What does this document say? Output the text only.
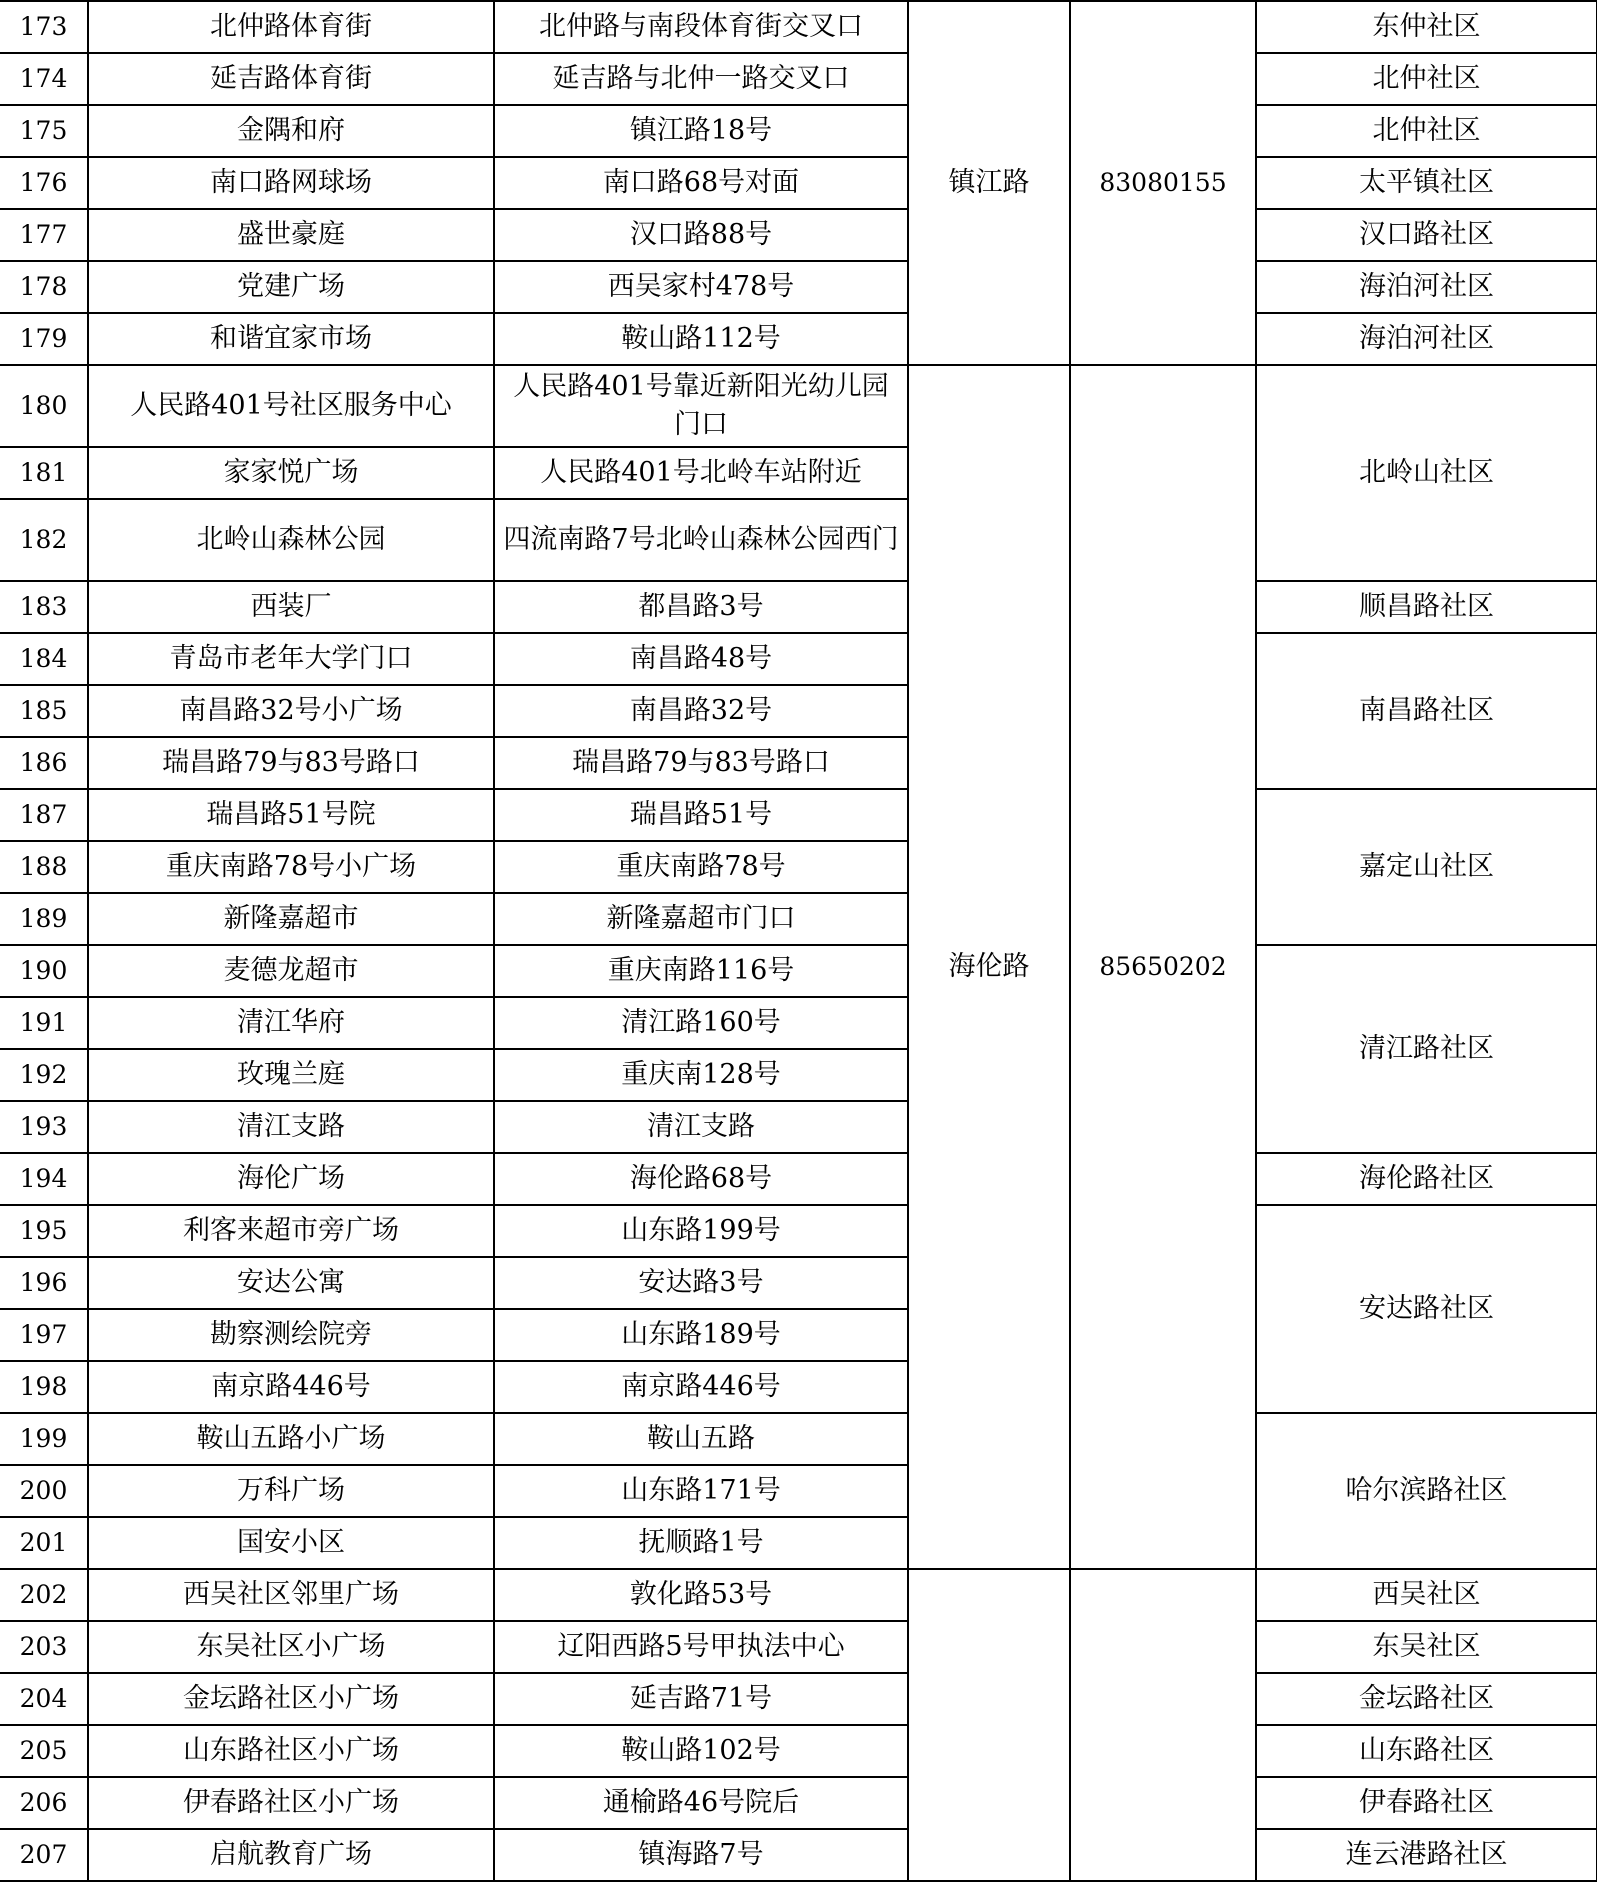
173	北仲路体育街	北仲路与南段体育街交叉口	镇江路	83080155	东仲社区
174	延吉路体育街	延吉路与北仲一路交叉口			北仲社区
175	金隅和府	镇江路18号			北仲社区
176	南口路网球场	南口路68号对面			太平镇社区
177	盛世豪庭	汉口路88号			汉口路社区
178	党建广场	西吴家村478号			海泊河社区
179	和谐宜家市场	鞍山路112号			海泊河社区
180	人民路401号社区服务中心	人民路401号靠近新阳光幼儿园门口	海伦路	85650202	北岭山社区
181	家家悦广场	人民路401号北岭车站附近			
182	北岭山森林公园	四流南路7号北岭山森林公园西门			
183	西装厂	都昌路3号			顺昌路社区
184	青岛市老年大学门口	南昌路48号			南昌路社区
185	南昌路32号小广场	南昌路32号			
186	瑞昌路79与83号路口	瑞昌路79与83号路口			
187	瑞昌路51号院	瑞昌路51号			嘉定山社区
188	重庆南路78号小广场	重庆南路78号			
189	新隆嘉超市	新隆嘉超市门口			
190	麦德龙超市	重庆南路116号			清江路社区
191	清江华府	清江路160号			
192	玫瑰兰庭	重庆南128号			
193	清江支路	清江支路			
194	海伦广场	海伦路68号			海伦路社区
195	利客来超市旁广场	山东路199号			安达路社区
196	安达公寓	安达路3号			
197	勘察测绘院旁	山东路189号			
198	南京路446号	南京路446号			
199	鞍山五路小广场	鞍山五路			哈尔滨路社区
200	万科广场	山东路171号			
201	国安小区	抚顺路1号			
202	西吴社区邻里广场	敦化路53号			西吴社区
203	东吴社区小广场	辽阳西路5号甲执法中心			东吴社区
204	金坛路社区小广场	延吉路71号			金坛路社区
205	山东路社区小广场	鞍山路102号			山东路社区
206	伊春路社区小广场	通榆路46号院后			伊春路社区
207	启航教育广场	镇海路7号			连云港路社区
